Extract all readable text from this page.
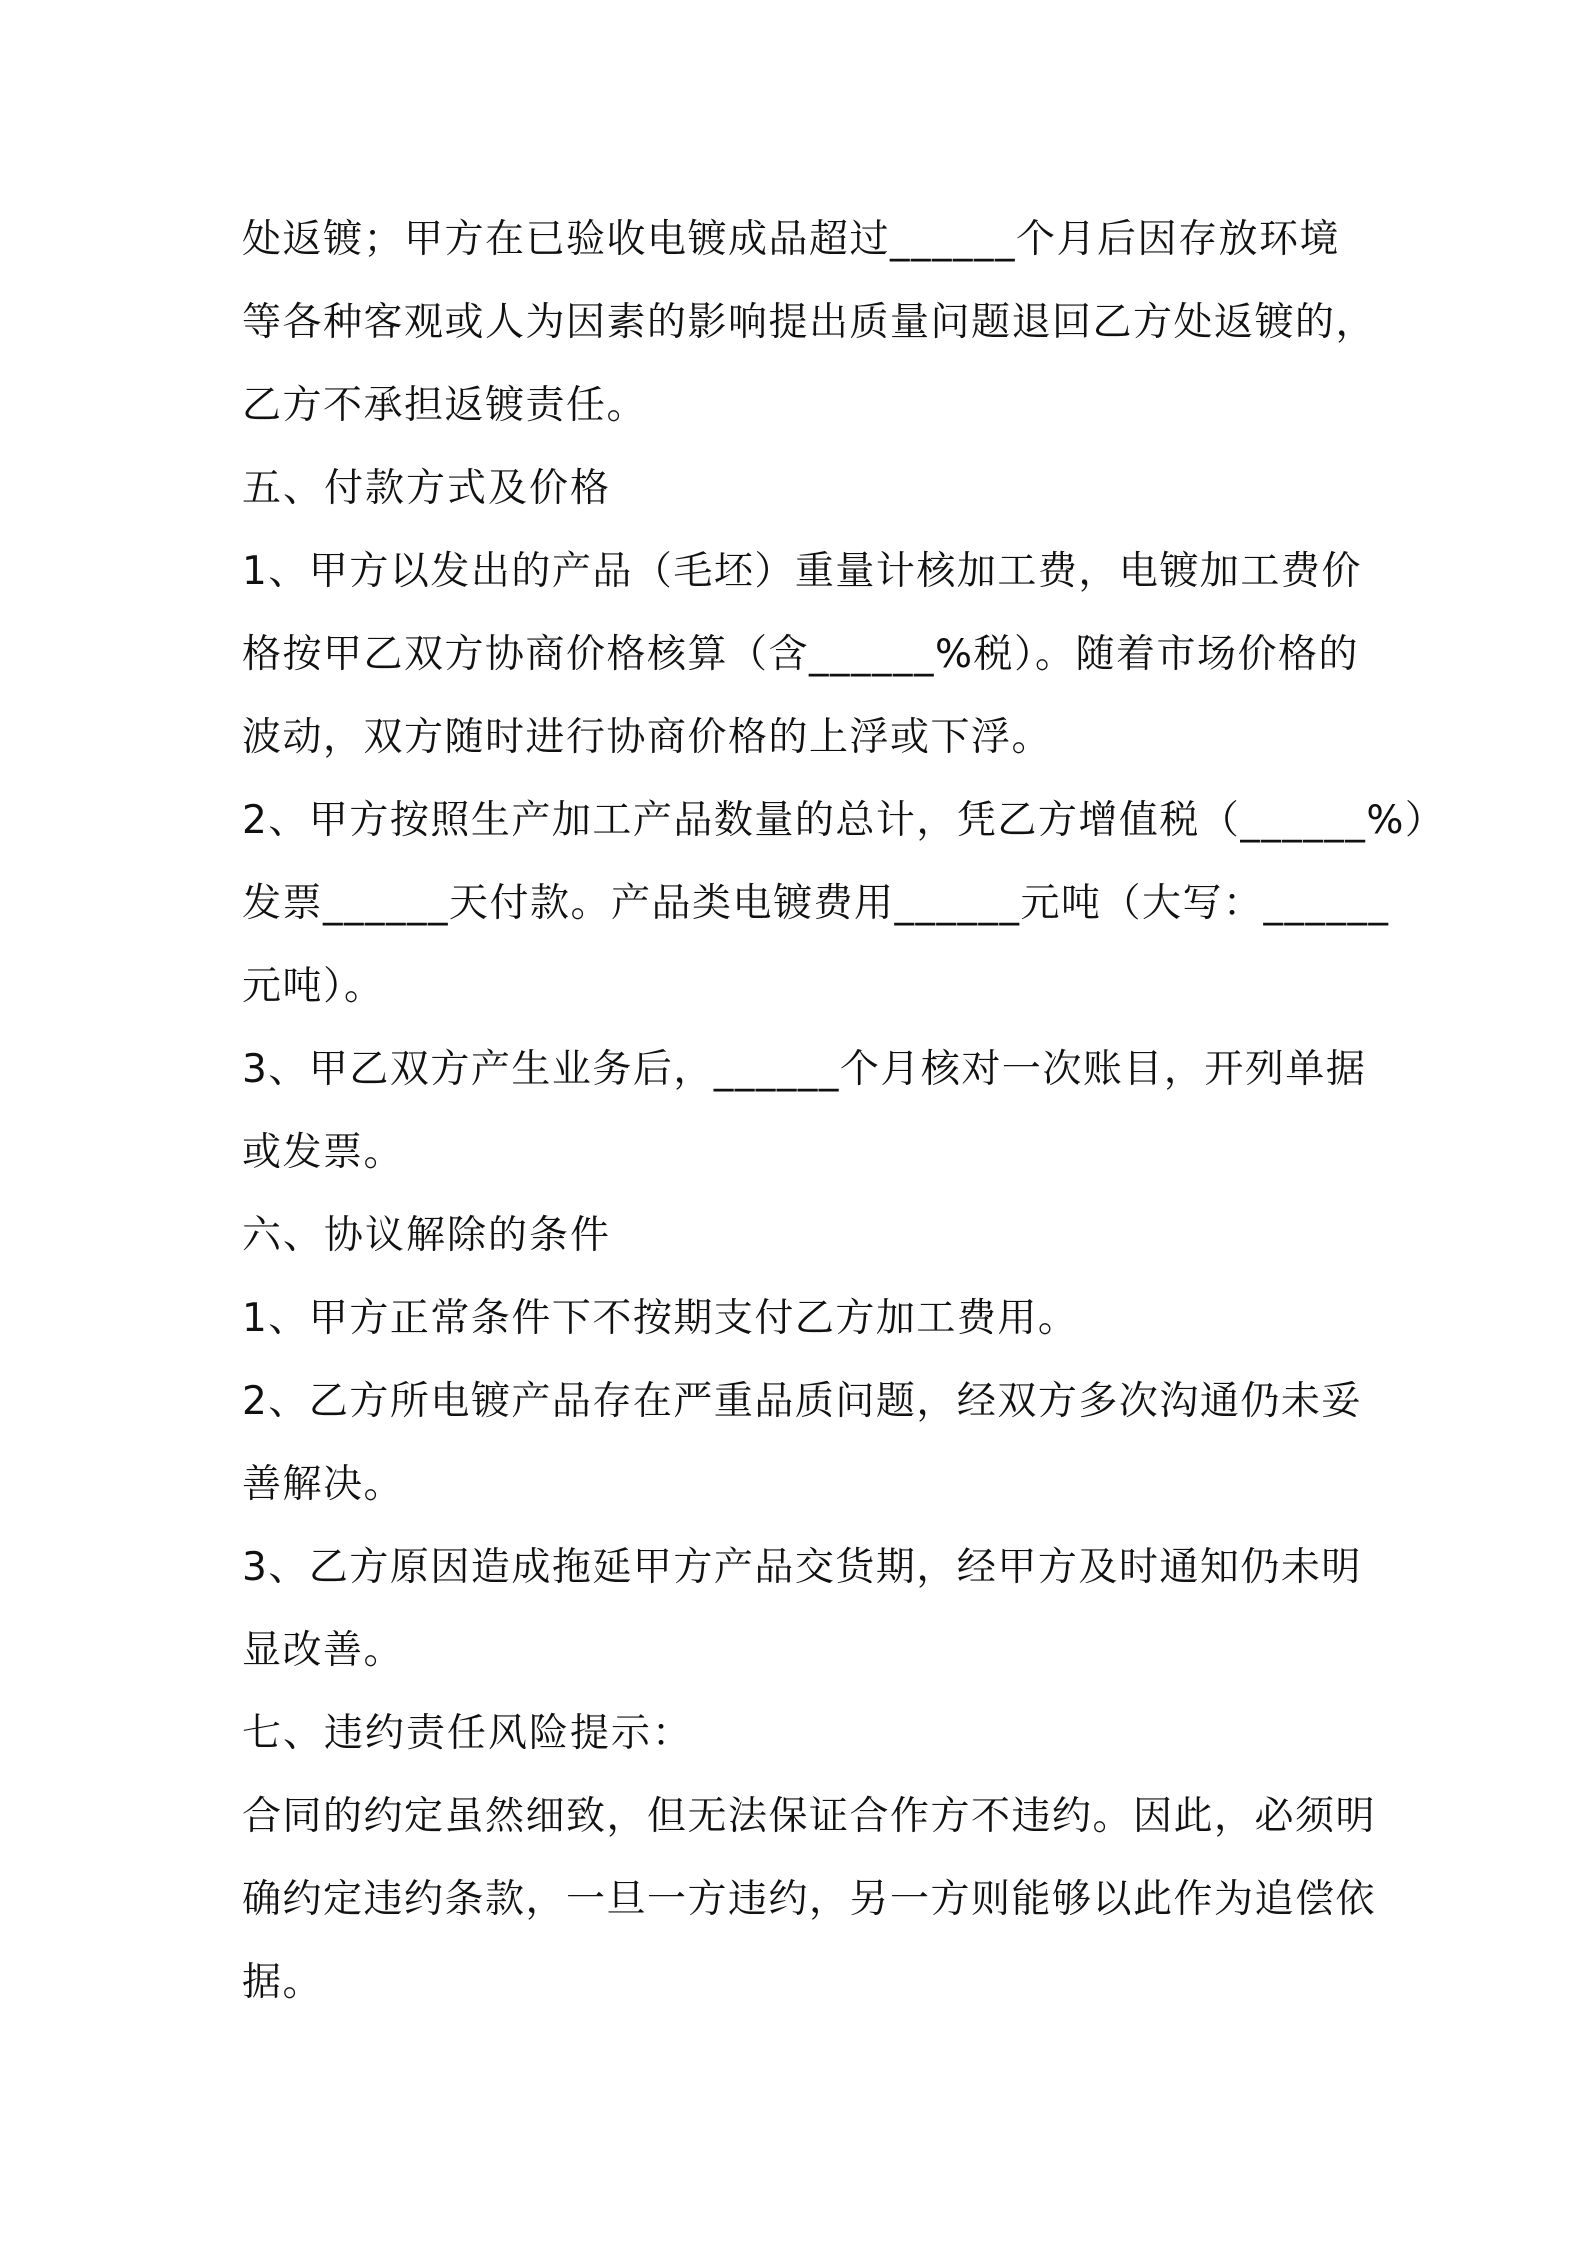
处返镀；甲方在已验收电镀成品超过______个月后因存放环境
等各种客观或人为因素的影响提出质量问题退回乙方处返镀的，
乙方不承担返镀责任。
五、付款方式及价格
1、甲方以发出的产品（毛坯）重量计核加工费，电镀加工费价
格按甲乙双方协商价格核算（含______%税）。随着市场价格的
波动，双方随时进行协商价格的上浮或下浮。
2、甲方按照生产加工产品数量的总计，凭乙方增值税（______%）
发票______天付款。产品类电镀费用______元吨（大写：______
元吨）。
3、甲乙双方产生业务后，______个月核对一次账目，开列单据
或发票。
六、协议解除的条件
1、甲方正常条件下不按期支付乙方加工费用。
2、乙方所电镀产品存在严重品质问题，经双方多次沟通仍未妥
善解决。
3、乙方原因造成拖延甲方产品交货期，经甲方及时通知仍未明
显改善。
七、违约责任风险提示：
合同的约定虽然细致，但无法保证合作方不违约。因此，必须明
确约定违约条款，一旦一方违约，另一方则能够以此作为追偿依
据。
